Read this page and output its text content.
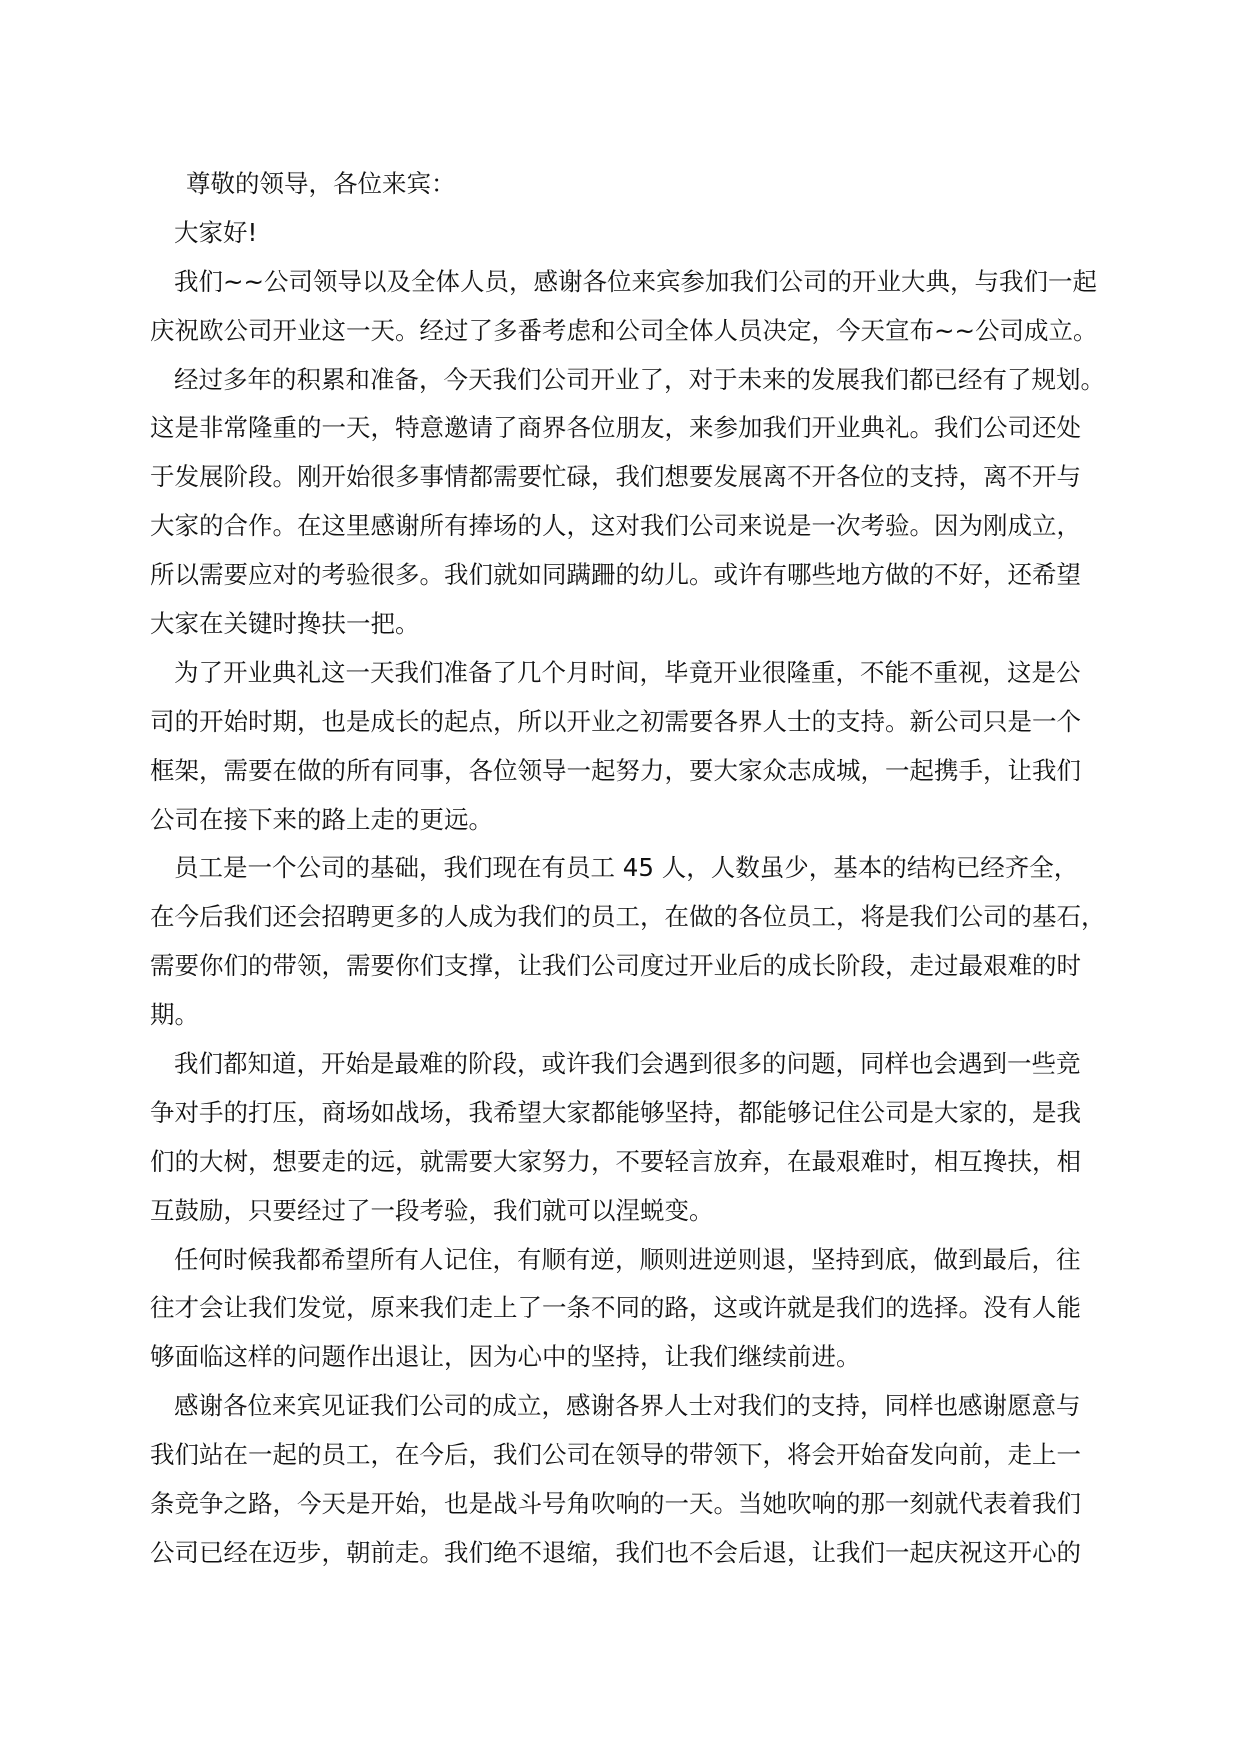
尊敬的领导，各位来宾：
大家好!
我们~~公司领导以及全体人员，感谢各位来宾参加我们公司的开业大典，与我们一起
庆祝欧公司开业这一天。经过了多番考虑和公司全体人员决定，今天宣布~~公司成立。
经过多年的积累和准备，今天我们公司开业了，对于未来的发展我们都已经有了规划。
这是非常隆重的一天，特意邀请了商界各位朋友，来参加我们开业典礼。我们公司还处
于发展阶段。刚开始很多事情都需要忙碌，我们想要发展离不开各位的支持，离不开与
大家的合作。在这里感谢所有捧场的人，这对我们公司来说是一次考验。因为刚成立，
所以需要应对的考验很多。我们就如同蹒跚的幼儿。或许有哪些地方做的不好，还希望
大家在关键时搀扶一把。
为了开业典礼这一天我们准备了几个月时间，毕竟开业很隆重，不能不重视，这是公
司的开始时期，也是成长的起点，所以开业之初需要各界人士的支持。新公司只是一个
框架，需要在做的所有同事，各位领导一起努力，要大家众志成城，一起携手，让我们
公司在接下来的路上走的更远。
员工是一个公司的基础，我们现在有员工 45 人，人数虽少，基本的结构已经齐全，
在今后我们还会招聘更多的人成为我们的员工，在做的各位员工，将是我们公司的基石，
需要你们的带领，需要你们支撑，让我们公司度过开业后的成长阶段，走过最艰难的时
期。
我们都知道，开始是最难的阶段，或许我们会遇到很多的问题，同样也会遇到一些竞
争对手的打压，商场如战场，我希望大家都能够坚持，都能够记住公司是大家的，是我
们的大树，想要走的远，就需要大家努力，不要轻言放弃，在最艰难时，相互搀扶，相
互鼓励，只要经过了一段考验，我们就可以涅蜕变。
任何时候我都希望所有人记住，有顺有逆，顺则进逆则退，坚持到底，做到最后，往
往才会让我们发觉，原来我们走上了一条不同的路，这或许就是我们的选择。没有人能
够面临这样的问题作出退让，因为心中的坚持，让我们继续前进。
感谢各位来宾见证我们公司的成立，感谢各界人士对我们的支持，同样也感谢愿意与
我们站在一起的员工，在今后，我们公司在领导的带领下，将会开始奋发向前，走上一
条竞争之路，今天是开始，也是战斗号角吹响的一天。当她吹响的那一刻就代表着我们
公司已经在迈步，朝前走。我们绝不退缩，我们也不会后退，让我们一起庆祝这开心的
